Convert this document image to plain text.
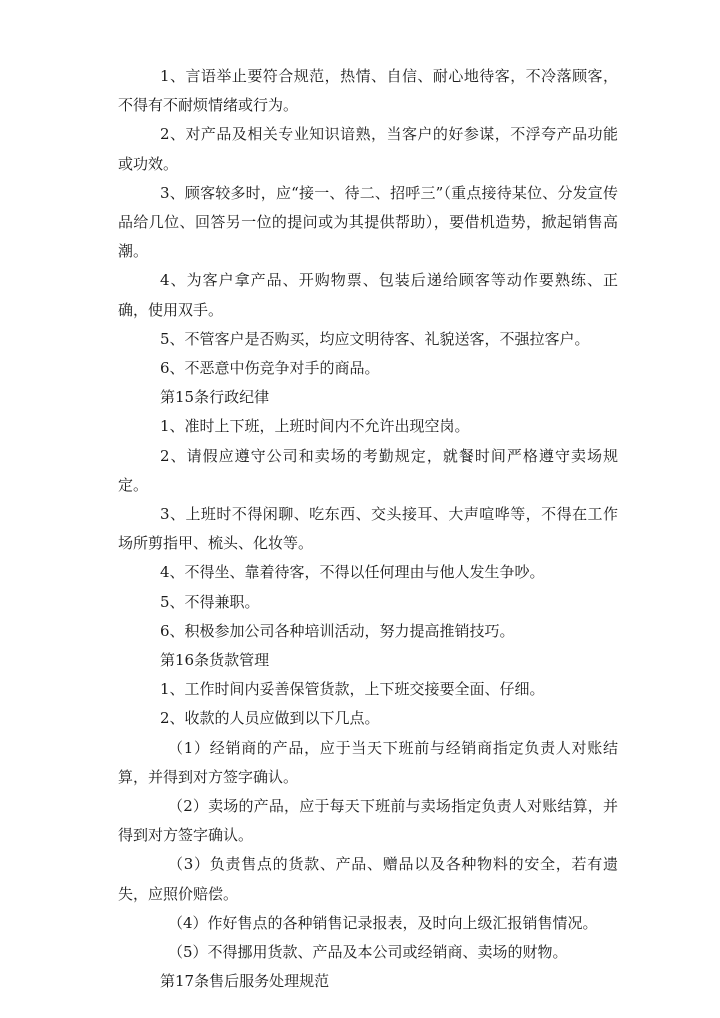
1、言语举止要符合规范，热情、自信、耐心地待客，不冷落顾客，不得有不耐烦情绪或行为。

2、对产品及相关专业知识谙熟，当客户的好参谋，不浮夸产品功能或功效。

3、顾客较多时，应“接一、待二、招呼三”（重点接待某位、分发宣传品给几位、回答另一位的提问或为其提供帮助），要借机造势，掀起销售高潮。

4、为客户拿产品、开购物票、包装后递给顾客等动作要熟练、正确，使用双手。

5、不管客户是否购买，均应文明待客、礼貌送客，不强拉客户。

6、不恶意中伤竞争对手的商品。

第15条行政纪律

1、准时上下班，上班时间内不允许出现空岗。

2、请假应遵守公司和卖场的考勤规定，就餐时间严格遵守卖场规定。

3、上班时不得闲聊、吃东西、交头接耳、大声喧哗等，不得在工作场所剪指甲、梳头、化妆等。

4、不得坐、靠着待客，不得以任何理由与他人发生争吵。

5、不得兼职。

6、积极参加公司各种培训活动，努力提高推销技巧。

第16条货款管理

1、工作时间内妥善保管货款，上下班交接要全面、仔细。

2、收款的人员应做到以下几点。

（1）经销商的产品，应于当天下班前与经销商指定负责人对账结算，并得到对方签字确认。

（2）卖场的产品，应于每天下班前与卖场指定负责人对账结算，并得到对方签字确认。

（3）负责售点的货款、产品、赠品以及各种物料的安全，若有遗失，应照价赔偿。

（4）作好售点的各种销售记录报表，及时向上级汇报销售情况。

（5）不得挪用货款、产品及本公司或经销商、卖场的财物。

第17条售后服务处理规范
